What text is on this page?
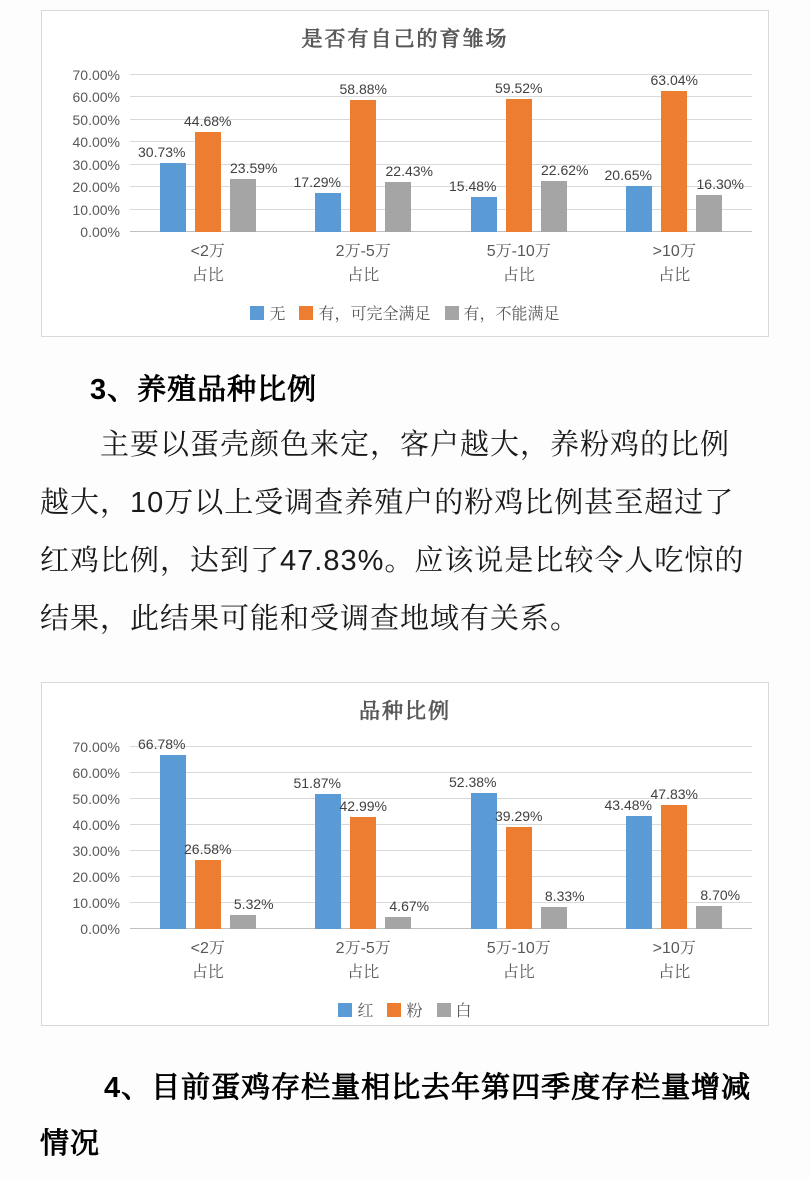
是否有自己的育雏场
0.00%
10.00%
20.00%
30.00%
40.00%
50.00%
60.00%
70.00%
30.73%
44.68%
23.59%
17.29%
58.88%
22.43%
15.48%
59.52%
22.62% 20.65%
63.04%
16.30%
<2万
占比
2万-5万
占比
5万-10万
占比
>10万
占比
无 有，可完全满足 有，不能满足
3、养殖品种比例
主要以蛋壳颜色来定，客户越大，养粉鸡的比例
越大，10万以上受调查养殖户的粉鸡比例甚至超过了
红鸡比例，达到了47.83%。应该说是比较令人吃惊的
结果，此结果可能和受调查地域有关系。
品种比例
0.00%
10.00%
20.00%
30.00%
40.00%
50.00%
60.00%
70.00% 66.78%
26.58%
5.32%
51.87%
42.99%
4.67%
52.38%
39.29%
8.33%
43.48%
47.83%
8.70%
<2万
占比
2万-5万
占比
5万-10万
占比
>10万
占比
红 粉 白
4、目前蛋鸡存栏量相比去年第四季度存栏量增减
情况
